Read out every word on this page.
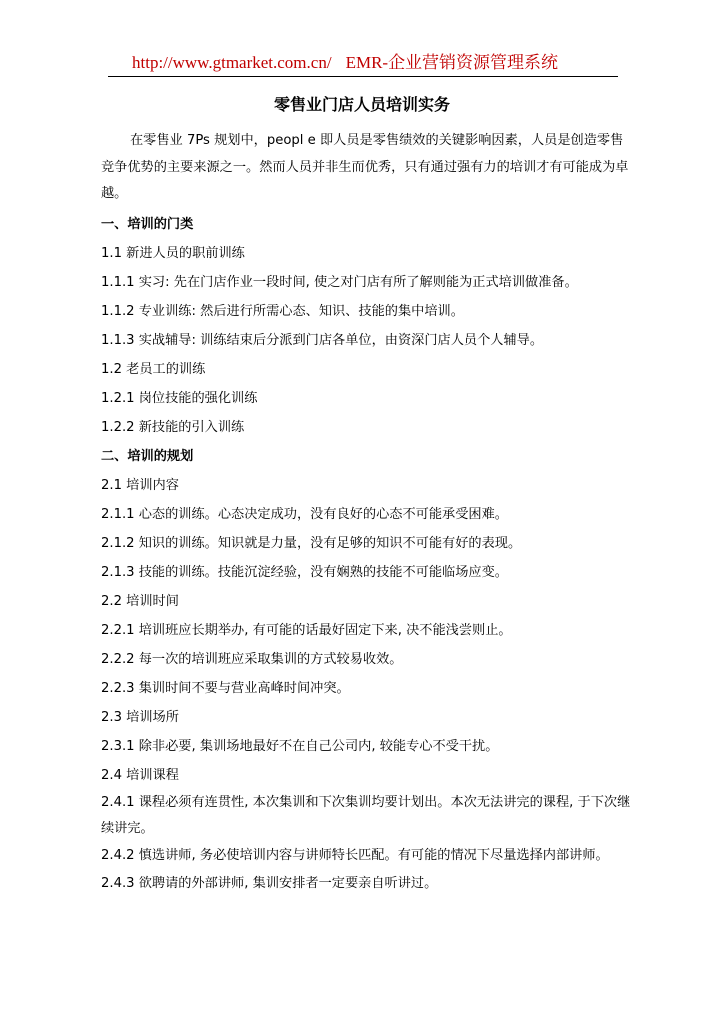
http://www.gtmarket.com.cn/ EMR-企业营销资源管理系统
零售业门店人员培训实务

在零售业 7Ps 规划中，peopl e 即人员是零售绩效的关键影响因素，人员是创造零售竞争优势的主要来源之一。然而人员并非生而优秀，只有通过强有力的培训才有可能成为卓越。

一、培训的门类

1.1 新进人员的职前训练

1.1.1 实习: 先在门店作业一段时间, 使之对门店有所了解则能为正式培训做准备。

1.1.2 专业训练: 然后进行所需心态、知识、技能的集中培训。

1.1.3 实战辅导: 训练结束后分派到门店各单位，由资深门店人员个人辅导。

1.2 老员工的训练

1.2.1 岗位技能的强化训练

1.2.2 新技能的引入训练

二、培训的规划

2.1 培训内容

2.1.1 心态的训练。心态决定成功，没有良好的心态不可能承受困难。

2.1.2 知识的训练。知识就是力量，没有足够的知识不可能有好的表现。

2.1.3 技能的训练。技能沉淀经验，没有娴熟的技能不可能临场应变。

2.2 培训时间

2.2.1 培训班应长期举办, 有可能的话最好固定下来, 决不能浅尝则止。

2.2.2 每一次的培训班应采取集训的方式较易收效。

2.2.3 集训时间不要与营业高峰时间冲突。

2.3 培训场所

2.3.1 除非必要, 集训场地最好不在自己公司内, 较能专心不受干扰。

2.4 培训课程

2.4.1 课程必须有连贯性, 本次集训和下次集训均要计划出。本次无法讲完的课程, 于下次继续讲完。

2.4.2 慎选讲师, 务必使培训内容与讲师特长匹配。有可能的情况下尽量选择内部讲师。

2.4.3 欲聘请的外部讲师, 集训安排者一定要亲自听讲过。
